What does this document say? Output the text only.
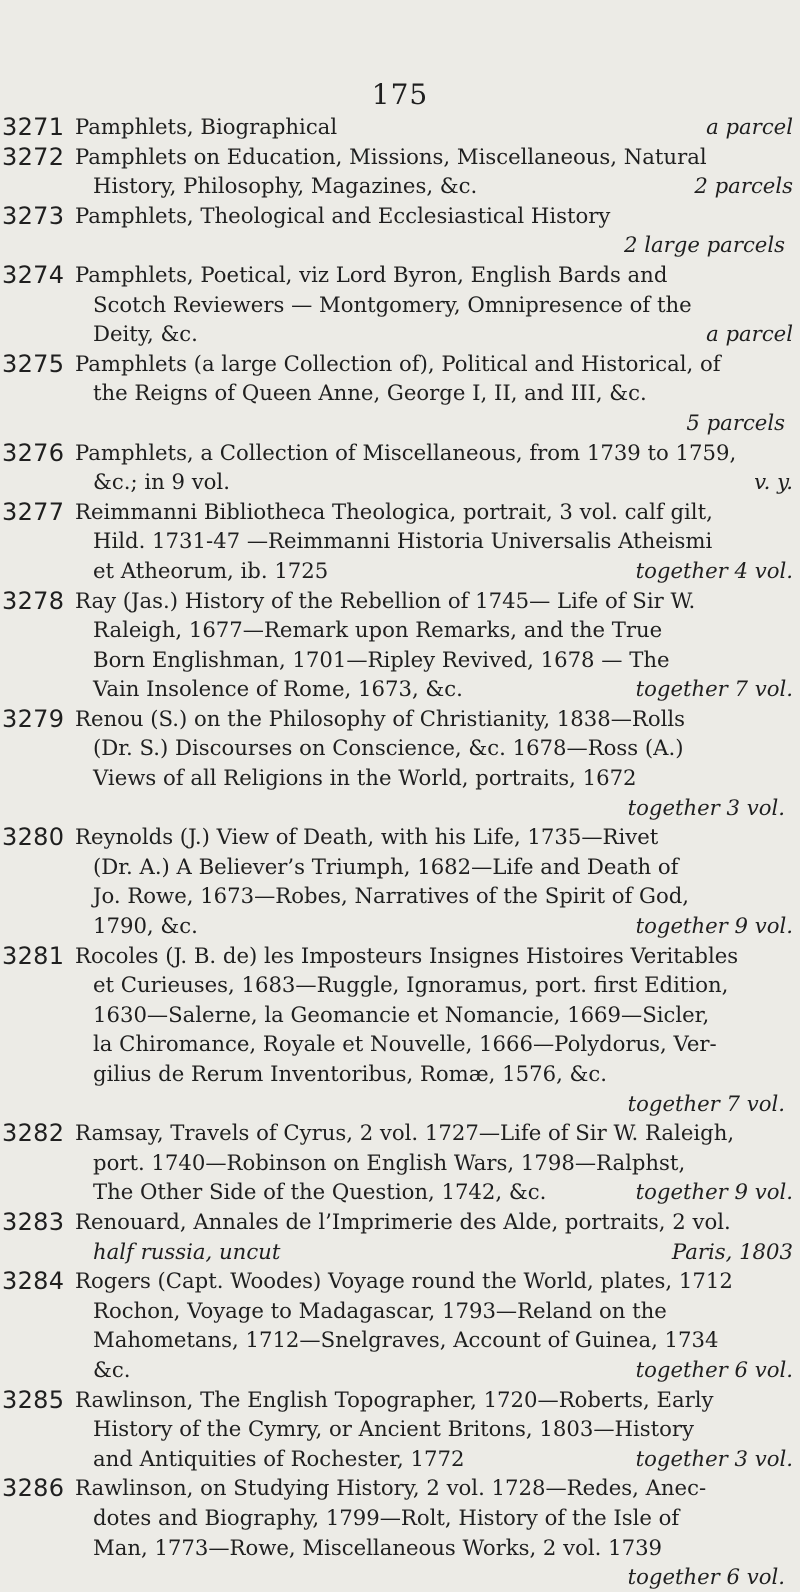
175
3271 Pamphlets, Biographical	a parcel
3272 Pamphlets on Education, Missions, Miscellaneous, Natural
History, Philosophy, Magazines, &c.	2 parcels
3273 Pamphlets, Theological and Ecclesiastical History
2 large parcels
3274 Pamphlets, Poetical, viz Lord Byron, English Bards and
Scotch Reviewers — Montgomery, Omnipresence of the
Deity, &c.	a parcel
3275 Pamphlets (a large Collection of), Political and Historical, of
the Reigns of Queen Anne, George I, II, and III, &c.
5 parcels
3276 Pamphlets, a Collection of Miscellaneous, from 1739 to 1759,
&c.; in 9 vol.	v. y.
3277 Reimmanni Bibliotheca Theologica, portrait, 3 vol. calf gilt,
Hild. 1731-47 —Reimmanni Historia Universalis Atheismi
et Atheorum, ib. 1725	together 4 vol.
3278 Ray (Jas.) History of the Rebellion of 1745— Life of Sir W.
Raleigh, 1677—Remark upon Remarks, and the True
Born Englishman, 1701—Ripley Revived, 1678 — The
Vain Insolence of Rome, 1673, &c.	together 7 vol.
3279 Renou (S.) on the Philosophy of Christianity, 1838—Rolls
(Dr. S.) Discourses on Conscience, &c. 1678—Ross (A.)
Views of all Religions in the World, portraits, 1672
together 3 vol.
3280 Reynolds (J.) View of Death, with his Life, 1735—Rivet
(Dr. A.) A Believer’s Triumph, 1682—Life and Death of
Jo. Rowe, 1673—Robes, Narratives of the Spirit of God,
1790, &c.	together 9 vol.
3281 Rocoles (J. B. de) les Imposteurs Insignes Histoires Veritables
et Curieuses, 1683—Ruggle, Ignoramus, port. first Edition,
1630—Salerne, la Geomancie et Nomancie, 1669—Sicler,
la Chiromance, Royale et Nouvelle, 1666—Polydorus, Ver-
gilius de Rerum Inventoribus, Romæ, 1576, &c.
together 7 vol.
3282 Ramsay, Travels of Cyrus, 2 vol. 1727—Life of Sir W. Raleigh,
port. 1740—Robinson on English Wars, 1798—Ralphst,
The Other Side of the Question, 1742, &c.	together 9 vol.
3283 Renouard, Annales de l’Imprimerie des Alde, portraits, 2 vol.
half russia, uncut	Paris, 1803
3284 Rogers (Capt. Woodes) Voyage round the World, plates, 1712
Rochon, Voyage to Madagascar, 1793—Reland on the
Mahometans, 1712—Snelgraves, Account of Guinea, 1734
&c.	together 6 vol.
3285 Rawlinson, The English Topographer, 1720—Roberts, Early
History of the Cymry, or Ancient Britons, 1803—History
and Antiquities of Rochester, 1772	together 3 vol.
3286 Rawlinson, on Studying History, 2 vol. 1728—Redes, Anec-
dotes and Biography, 1799—Rolt, History of the Isle of
Man, 1773—Rowe, Miscellaneous Works, 2 vol. 1739
together 6 vol.
